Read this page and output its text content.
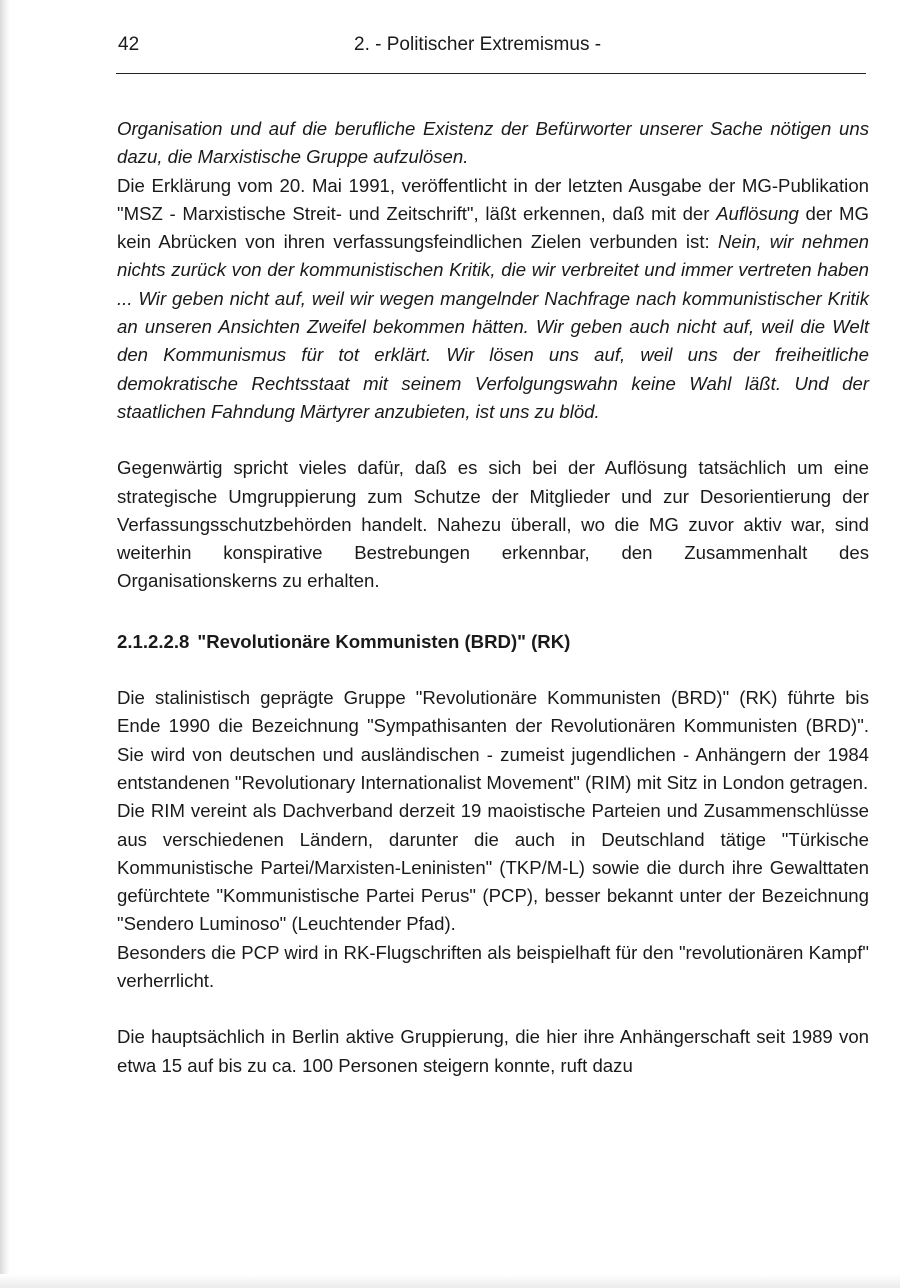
42	2. - Politischer Extremismus -

Organisation und auf die berufliche Existenz der Befürworter unserer Sache nötigen uns dazu, die Marxistische Gruppe aufzulösen.
Die Erklärung vom 20. Mai 1991, veröffentlicht in der letzten Ausgabe der MG-Publikation "MSZ - Marxistische Streit- und Zeitschrift", läßt erkennen, daß mit der Auflösung der MG kein Abrücken von ihren verfassungsfeindlichen Zielen verbunden ist: Nein, wir nehmen nichts zurück von der kommunistischen Kritik, die wir verbreitet und immer vertreten haben ... Wir geben nicht auf, weil wir wegen mangelnder Nachfrage nach kommunistischer Kritik an unseren Ansichten Zweifel bekommen hätten. Wir geben auch nicht auf, weil die Welt den Kommunismus für tot erklärt. Wir lösen uns auf, weil uns der freiheitliche demokratische Rechtsstaat mit seinem Verfolgungswahn keine Wahl läßt. Und der staatlichen Fahndung Märtyrer anzubieten, ist uns zu blöd.

Gegenwärtig spricht vieles dafür, daß es sich bei der Auflösung tatsächlich um eine strategische Umgruppierung zum Schutze der Mitglieder und zur Desorientierung der Verfassungsschutzbehörden handelt. Nahezu überall, wo die MG zuvor aktiv war, sind weiterhin konspirative Bestrebungen erkennbar, den Zusammenhalt des Organisationskerns zu erhalten.

2.1.2.2.8 "Revolutionäre Kommunisten (BRD)" (RK)

Die stalinistisch geprägte Gruppe "Revolutionäre Kommunisten (BRD)" (RK) führte bis Ende 1990 die Bezeichnung "Sympathisanten der Revolutionären Kommunisten (BRD)". Sie wird von deutschen und ausländischen - zumeist jugendlichen - Anhängern der 1984 entstandenen "Revolutionary Internationalist Movement" (RIM) mit Sitz in London getragen.

Die RIM vereint als Dachverband derzeit 19 maoistische Parteien und Zusammenschlüsse aus verschiedenen Ländern, darunter die auch in Deutschland tätige "Türkische Kommunistische Partei/Marxisten-Leninisten" (TKP/M-L) sowie die durch ihre Gewalttaten gefürchtete "Kommunistische Partei Perus" (PCP), besser bekannt unter der Bezeichnung "Sendero Luminoso" (Leuchtender Pfad).

Besonders die PCP wird in RK-Flugschriften als beispielhaft für den "revolutionären Kampf" verherrlicht.

Die hauptsächlich in Berlin aktive Gruppierung, die hier ihre Anhängerschaft seit 1989 von etwa 15 auf bis zu ca. 100 Personen steigern konnte, ruft dazu
